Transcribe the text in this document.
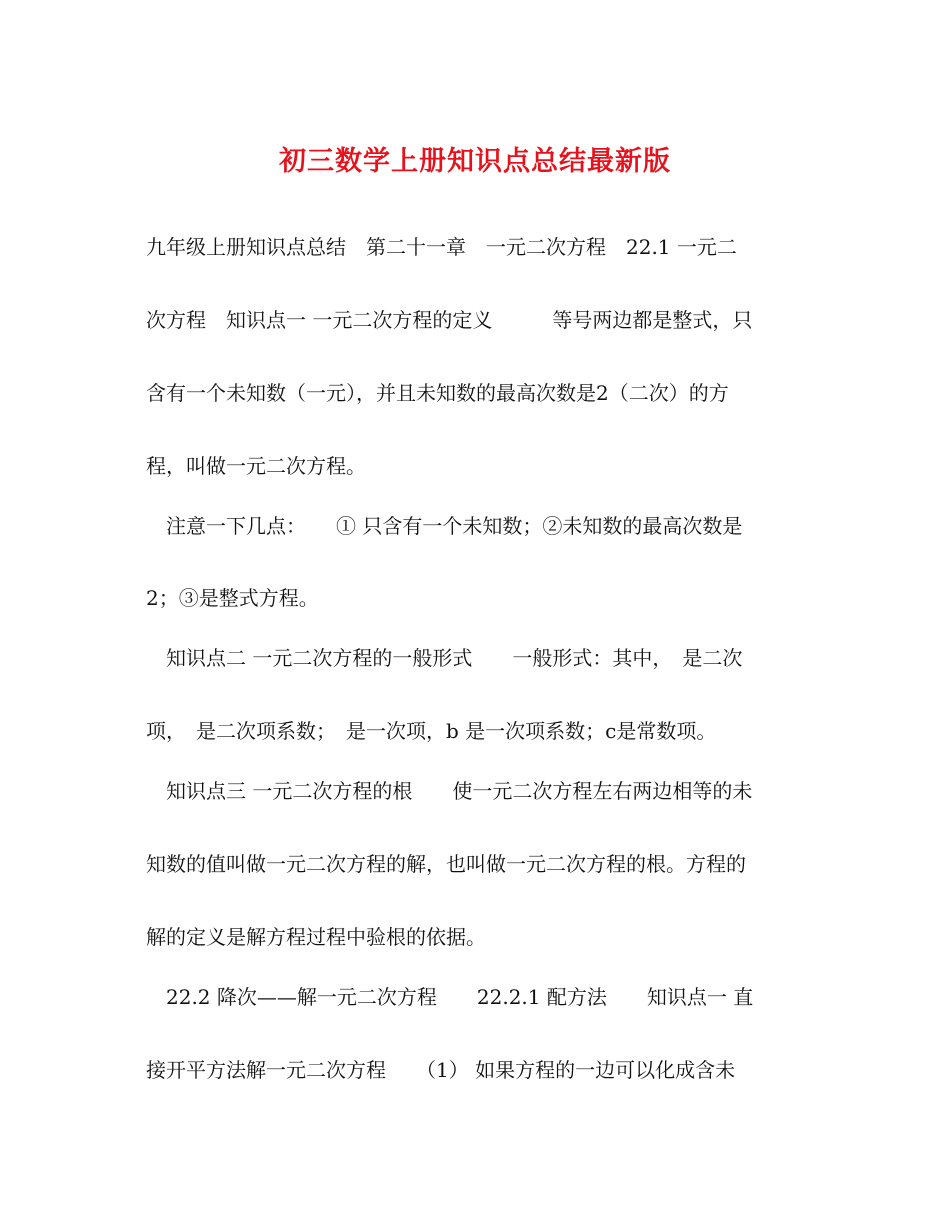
初三数学上册知识点总结最新版
九年级上册知识点总结　第二十一章　一元二次方程　22.1 一元二
次方程　知识点一 一元二次方程的定义　　　等号两边都是整式，只
含有一个未知数（一元），并且未知数的最高次数是2（二次）的方
程，叫做一元二次方程。
　注意一下几点：　　① 只含有一个未知数；②未知数的最高次数是
2；③是整式方程。
　知识点二 一元二次方程的一般形式　　一般形式：其中，　是二次
项，　是二次项系数；　是一次项，b 是一次项系数；c是常数项。
　知识点三 一元二次方程的根　　使一元二次方程左右两边相等的未
知数的值叫做一元二次方程的解，也叫做一元二次方程的根。方程的
解的定义是解方程过程中验根的依据。
　22.2 降次——解一元二次方程　　22.2.1 配方法　　知识点一 直
接开平方法解一元二次方程　　（1） 如果方程的一边可以化成含未
